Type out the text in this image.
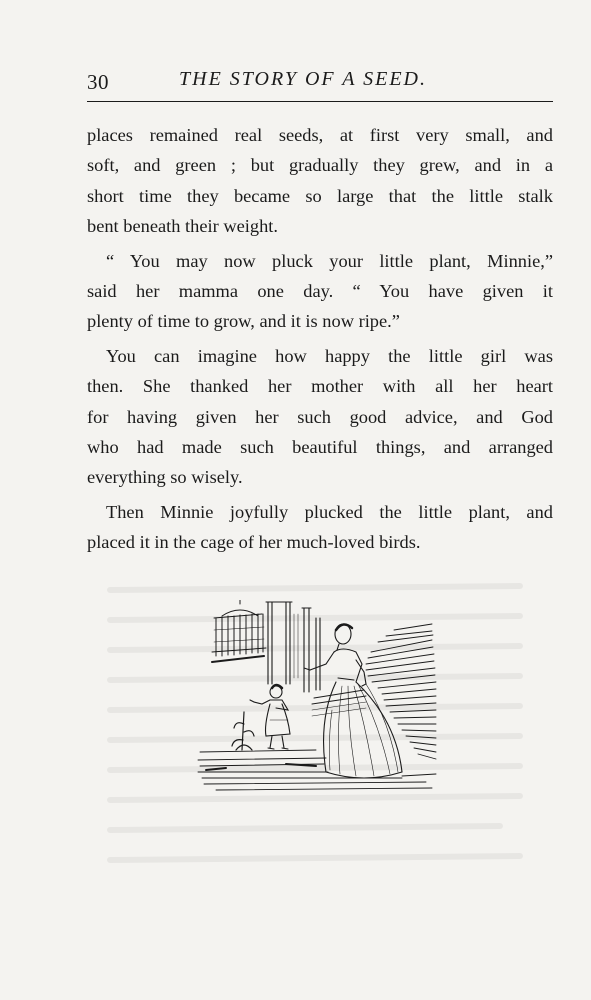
30	THE STORY OF A SEED.

places remained real seeds, at first very small, and
soft, and green ; but gradually they grew, and in a
short time they became so large that the little stalk
bent beneath their weight.

“ You may now pluck your little plant, Minnie,”
said her mamma one day. “ You have given it
plenty of time to grow, and it is now ripe.”

You can imagine how happy the little girl was
then. She thanked her mother with all her heart
for having given her such good advice, and God
who had made such beautiful things, and arranged
everything so wisely.

Then Minnie joyfully plucked the little plant, and
placed it in the cage of her much-loved birds.
